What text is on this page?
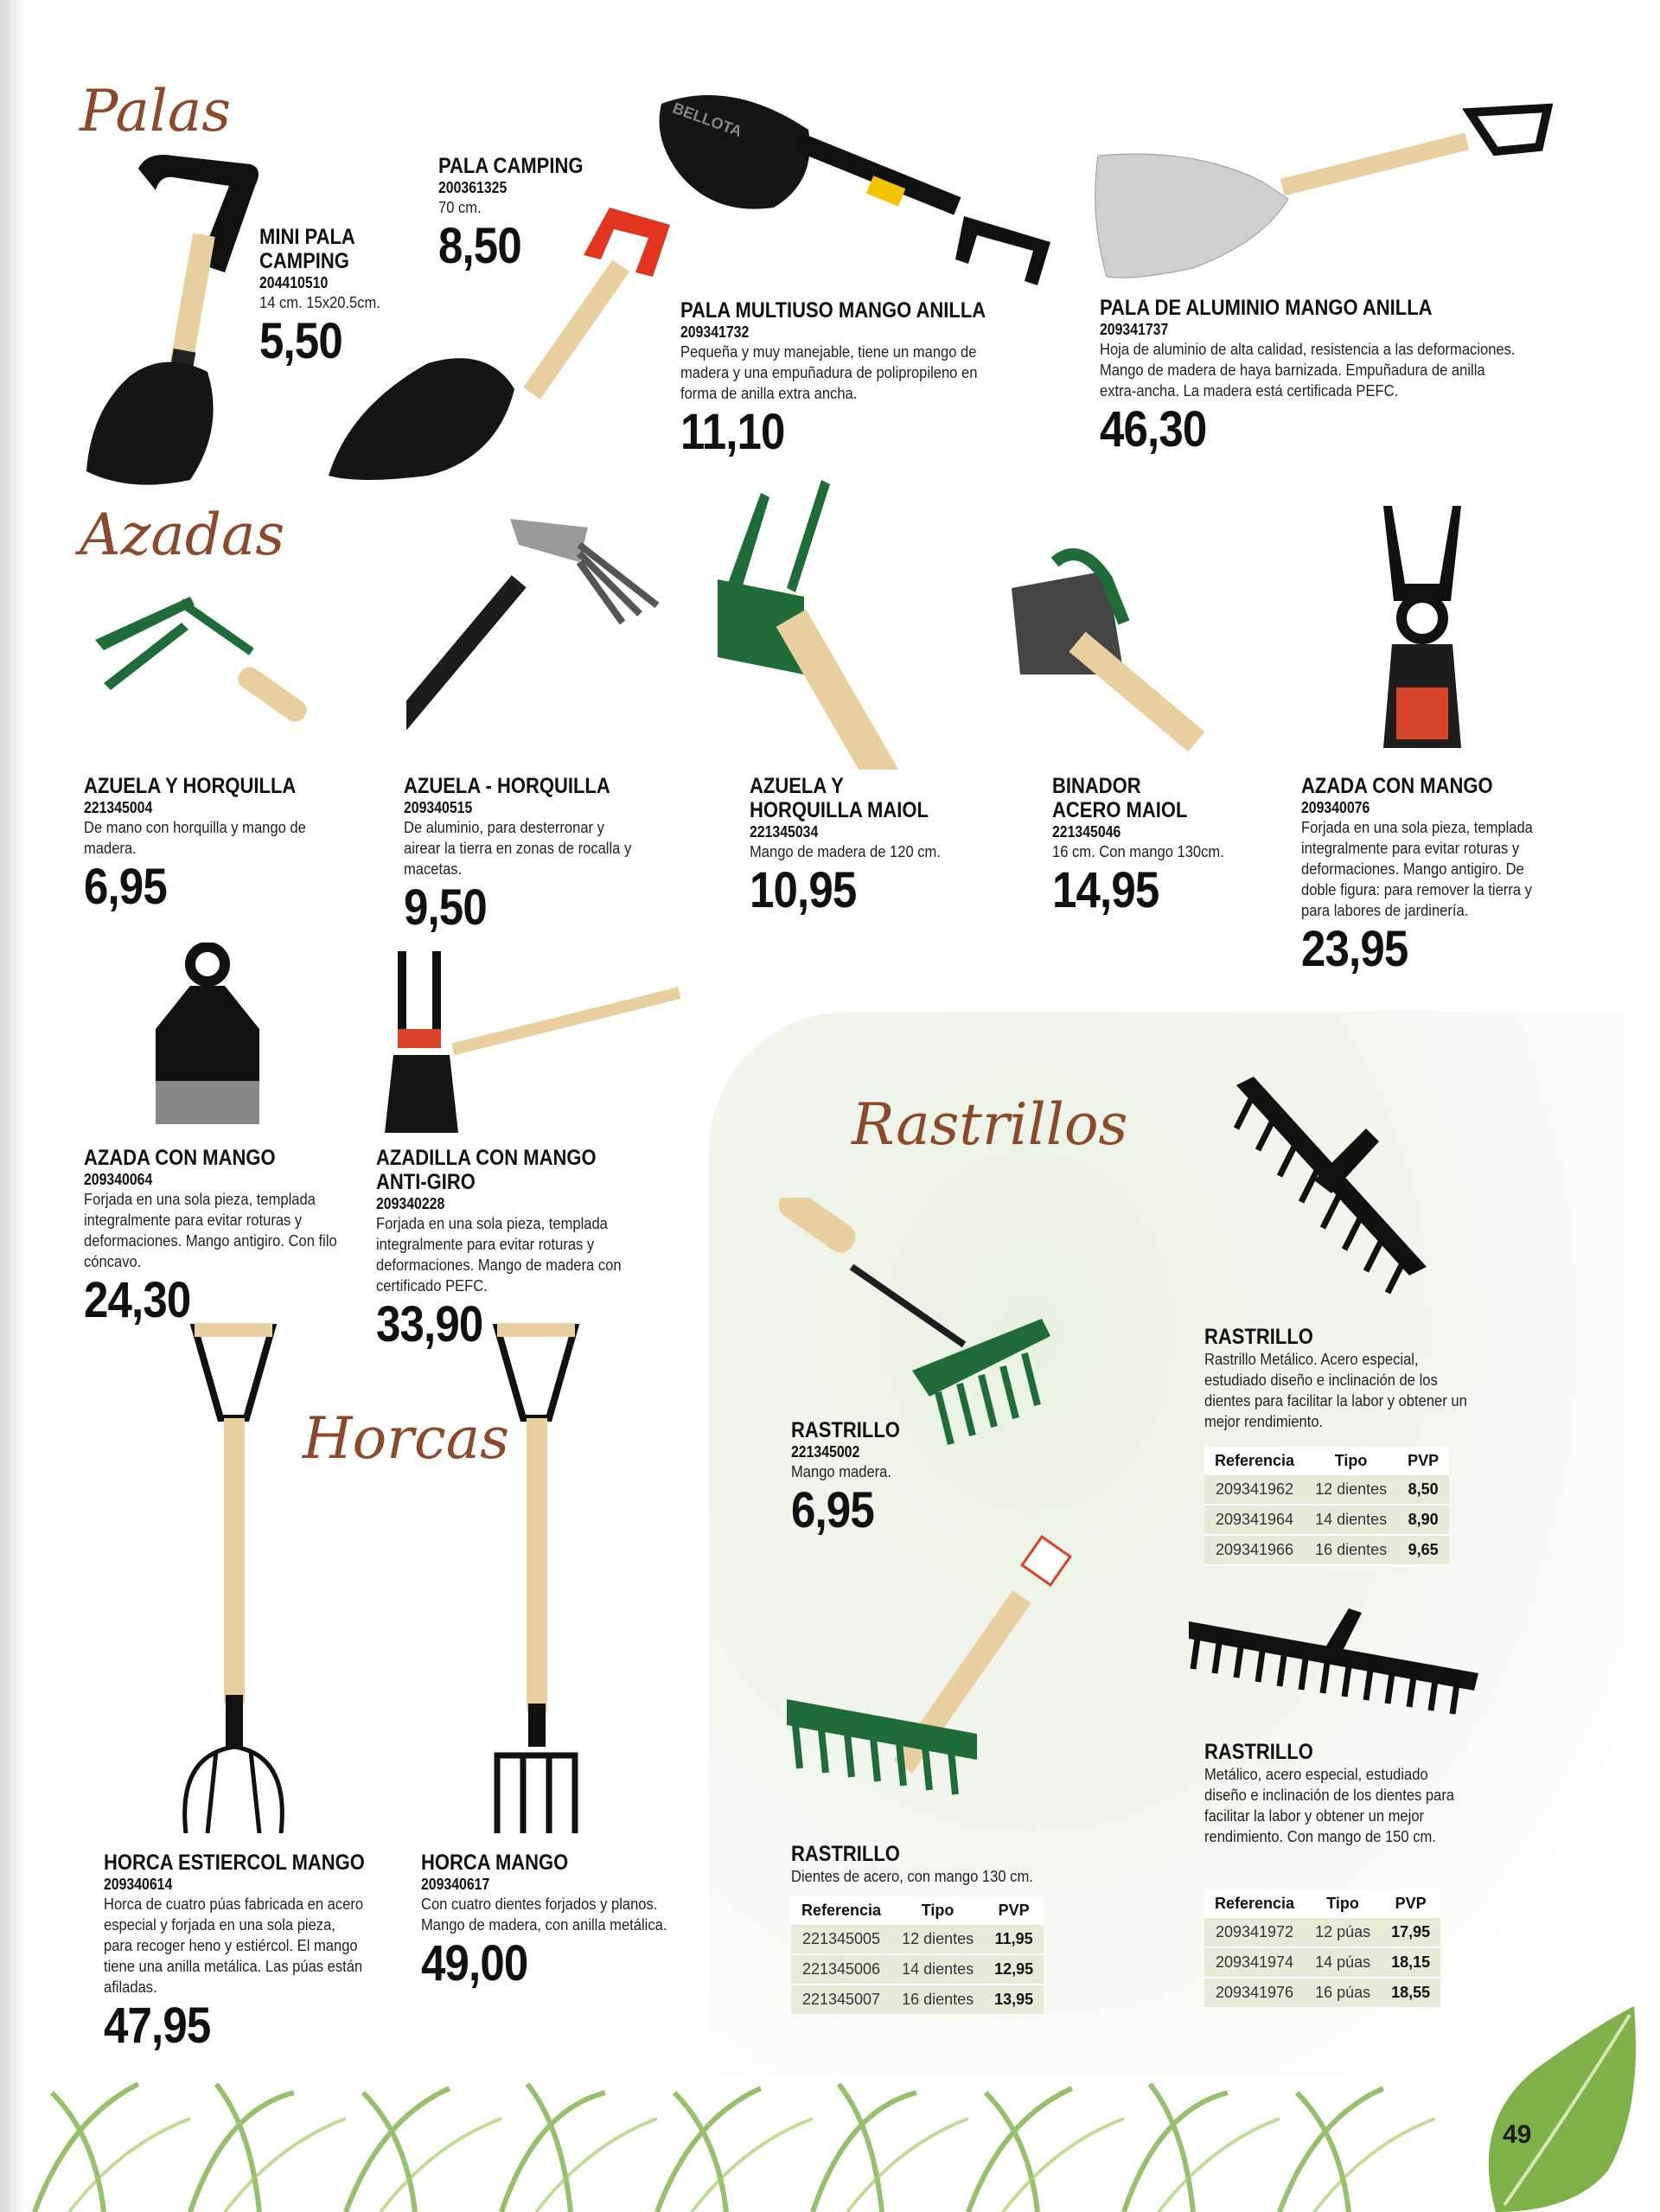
Palas
Azadas
Horcas
Rastrillos
BELLOTA
MINI PALA CAMPING
204410510
14 cm. 15x20.5cm.
5,50
PALA CAMPING
200361325
70 cm.
8,50
PALA MULTIUSO MANGO ANILLA
209341732
Pequeña y muy manejable, tiene un mango de madera y una empuñadura de polipropileno en forma de anilla extra ancha.
11,10
PALA DE ALUMINIO MANGO ANILLA
209341737
Hoja de aluminio de alta calidad, resistencia a las deformaciones. Mango de madera de haya barnizada. Empuñadura de anilla extra-ancha. La madera está certificada PEFC.
46,30
AZUELA Y HORQUILLA
221345004
De mano con horquilla y mango de madera.
6,95
AZUELA - HORQUILLA
209340515
De aluminio, para desterronar y airear la tierra en zonas de rocalla y macetas.
9,50
AZUELA Y HORQUILLA MAIOL
221345034
Mango de madera de 120 cm.
10,95
BINADOR ACERO MAIOL
221345046
16 cm. Con mango 130cm.
14,95
AZADA CON MANGO
209340076
Forjada en una sola pieza, templada integralmente para evitar roturas y deformaciones. Mango antigiro. De doble figura: para remover la tierra y para labores de jardinería.
23,95
AZADA CON MANGO
209340064
Forjada en una sola pieza, templada integralmente para evitar roturas y deformaciones. Mango antigiro. Con filo cóncavo.
24,30
AZADILLA CON MANGO ANTI-GIRO
209340228
Forjada en una sola pieza, templada integralmente para evitar roturas y deformaciones. Mango de madera con certificado PEFC.
33,90
HORCA ESTIERCOL MANGO
209340614
Horca de cuatro púas fabricada en acero especial y forjada en una sola pieza, para recoger heno y estiércol. El mango tiene una anilla metálica. Las púas están afiladas.
47,95
HORCA MANGO
209340617
Con cuatro dientes forjados y planos. Mango de madera, con anilla metálica.
49,00
RASTRILLO
221345002
Mango madera.
6,95
RASTRILLO
Rastrillo Metálico. Acero especial, estudiado diseño e inclinación de los dientes para facilitar la labor y obtener un mejor rendimiento.
Referencia	Tipo	PVP
209341962	12 dientes	8,50
209341964	14 dientes	8,90
209341966	16 dientes	9,65
RASTRILLO
Dientes de acero, con mango 130 cm.
Referencia	Tipo	PVP
221345005	12 dientes	11,95
221345006	14 dientes	12,95
221345007	16 dientes	13,95
RASTRILLO
Metálico, acero especial, estudiado diseño e inclinación de los dientes para facilitar la labor y obtener un mejor rendimiento. Con mango de 150 cm.
Referencia	Tipo	PVP
209341972	12 púas	17,95
209341974	14 púas	18,15
209341976	16 púas	18,55
49
